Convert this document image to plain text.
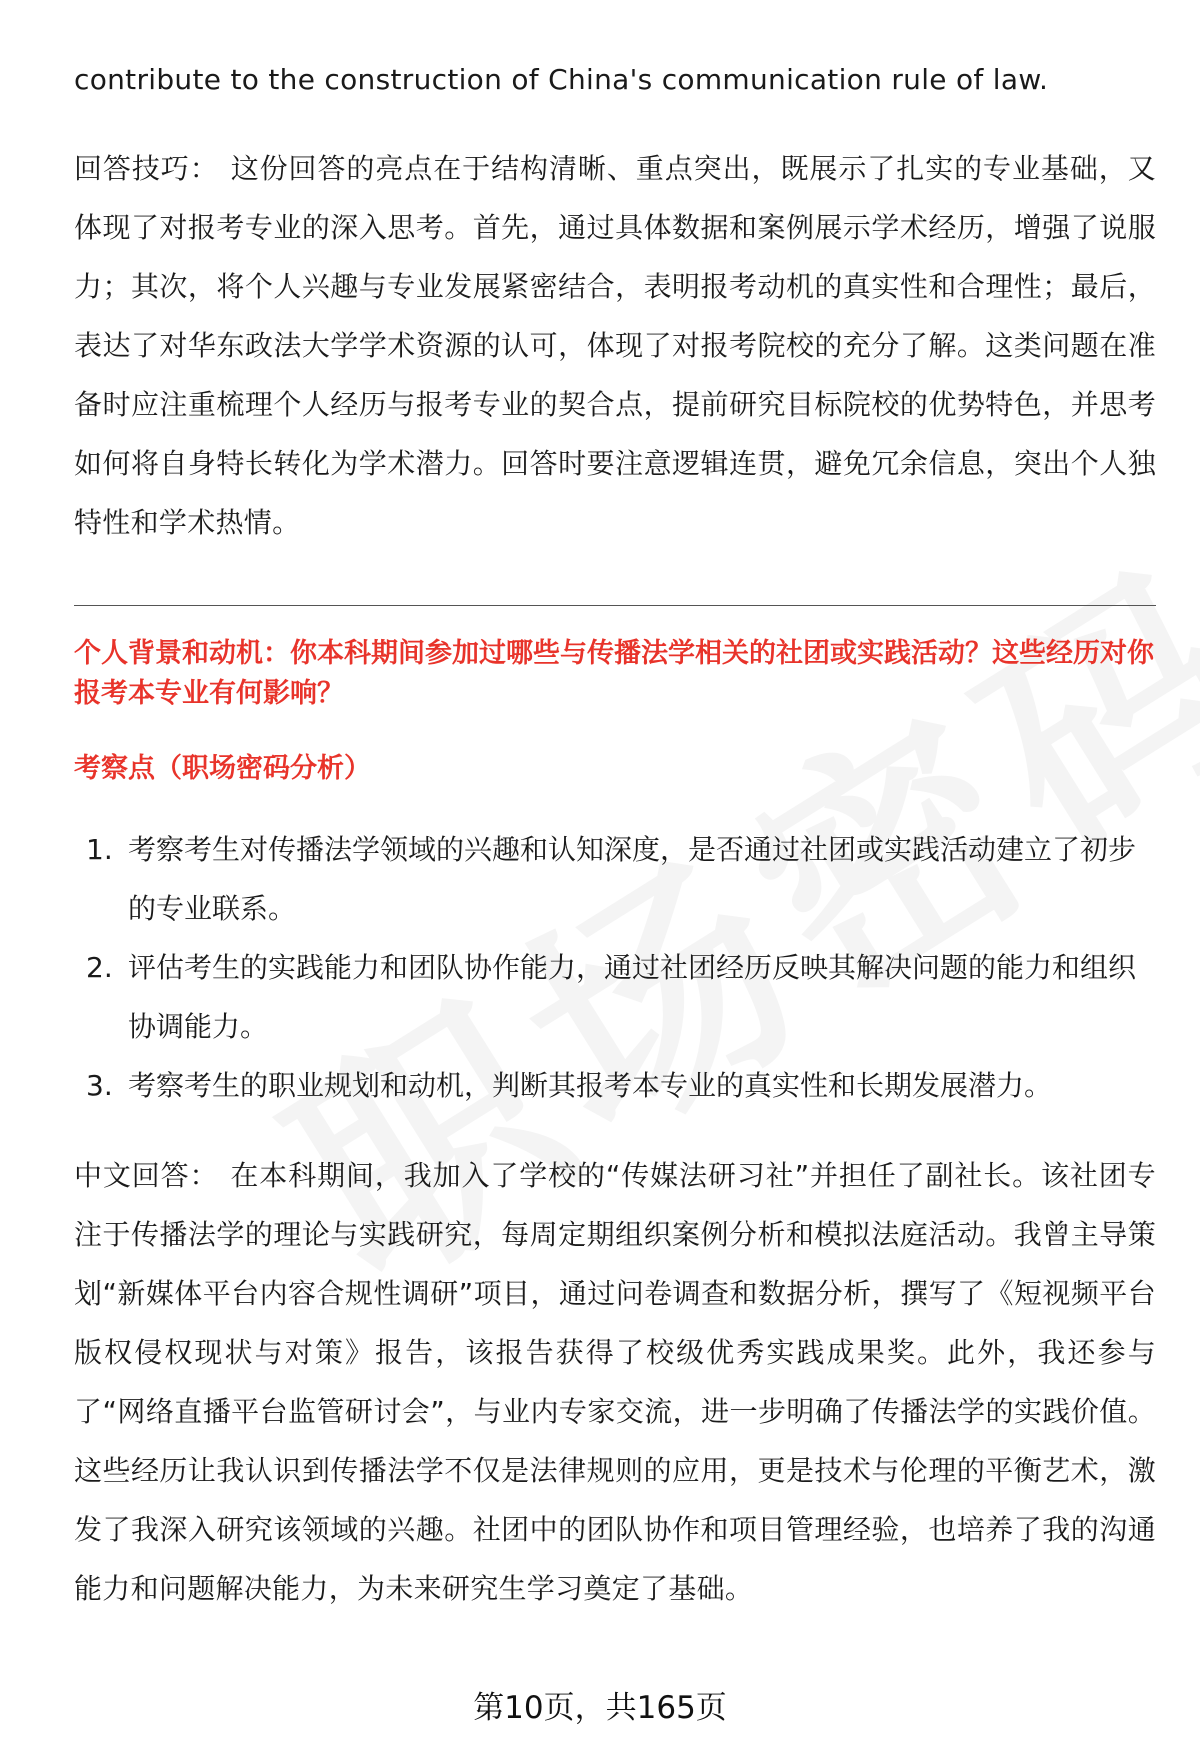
contribute to the construction of China's communication rule of law.

回答技巧： 这份回答的亮点在于结构清晰、重点突出，既展示了扎实的专业基础，又体现了对报考专业的深入思考。首先，通过具体数据和案例展示学术经历，增强了说服力；其次，将个人兴趣与专业发展紧密结合，表明报考动机的真实性和合理性；最后，表达了对华东政法大学学术资源的认可，体现了对报考院校的充分了解。这类问题在准备时应注重梳理个人经历与报考专业的契合点，提前研究目标院校的优势特色，并思考如何将自身特长转化为学术潜力。回答时要注意逻辑连贯，避免冗余信息，突出个人独特性和学术热情。

个人背景和动机：你本科期间参加过哪些与传播法学相关的社团或实践活动？这些经历对你报考本专业有何影响？

考察点（职场密码分析）

1. 考察考生对传播法学领域的兴趣和认知深度，是否通过社团或实践活动建立了初步的专业联系。
2. 评估考生的实践能力和团队协作能力，通过社团经历反映其解决问题的能力和组织协调能力。
3. 考察考生的职业规划和动机，判断其报考本专业的真实性和长期发展潜力。

中文回答： 在本科期间，我加入了学校的“传媒法研习社”并担任了副社长。该社团专注于传播法学的理论与实践研究，每周定期组织案例分析和模拟法庭活动。我曾主导策划“新媒体平台内容合规性调研”项目，通过问卷调查和数据分析，撰写了《短视频平台版权侵权现状与对策》报告，该报告获得了校级优秀实践成果奖。此外，我还参与了“网络直播平台监管研讨会”，与业内专家交流，进一步明确了传播法学的实践价值。这些经历让我认识到传播法学不仅是法律规则的应用，更是技术与伦理的平衡艺术，激发了我深入研究该领域的兴趣。社团中的团队协作和项目管理经验，也培养了我的沟通能力和问题解决能力，为未来研究生学习奠定了基础。

第10页，共165页
